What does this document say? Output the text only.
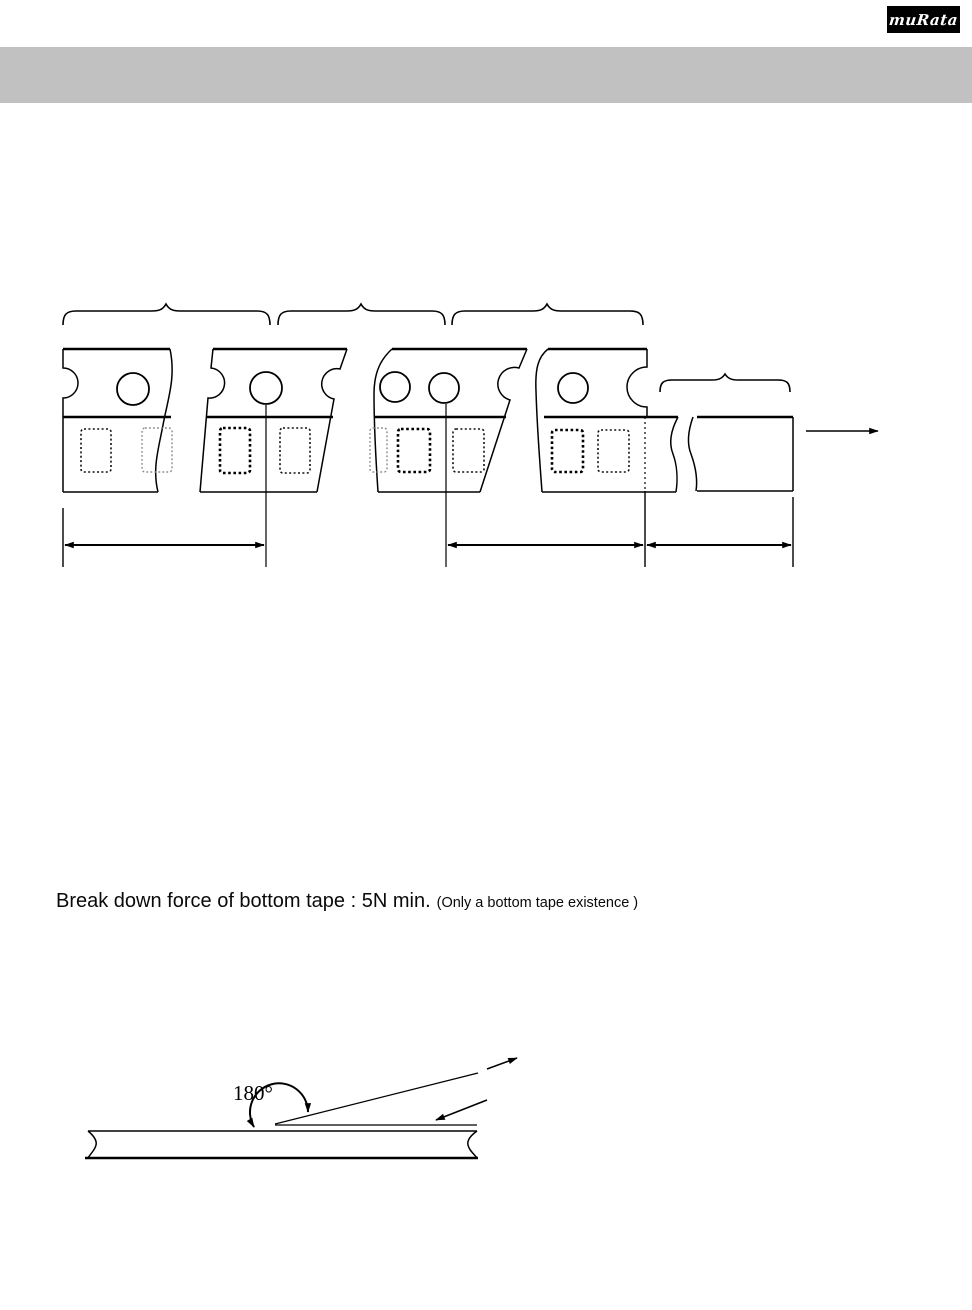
muRata
180°
Break down force of bottom tape : 5N min. (Only a bottom tape existence )
